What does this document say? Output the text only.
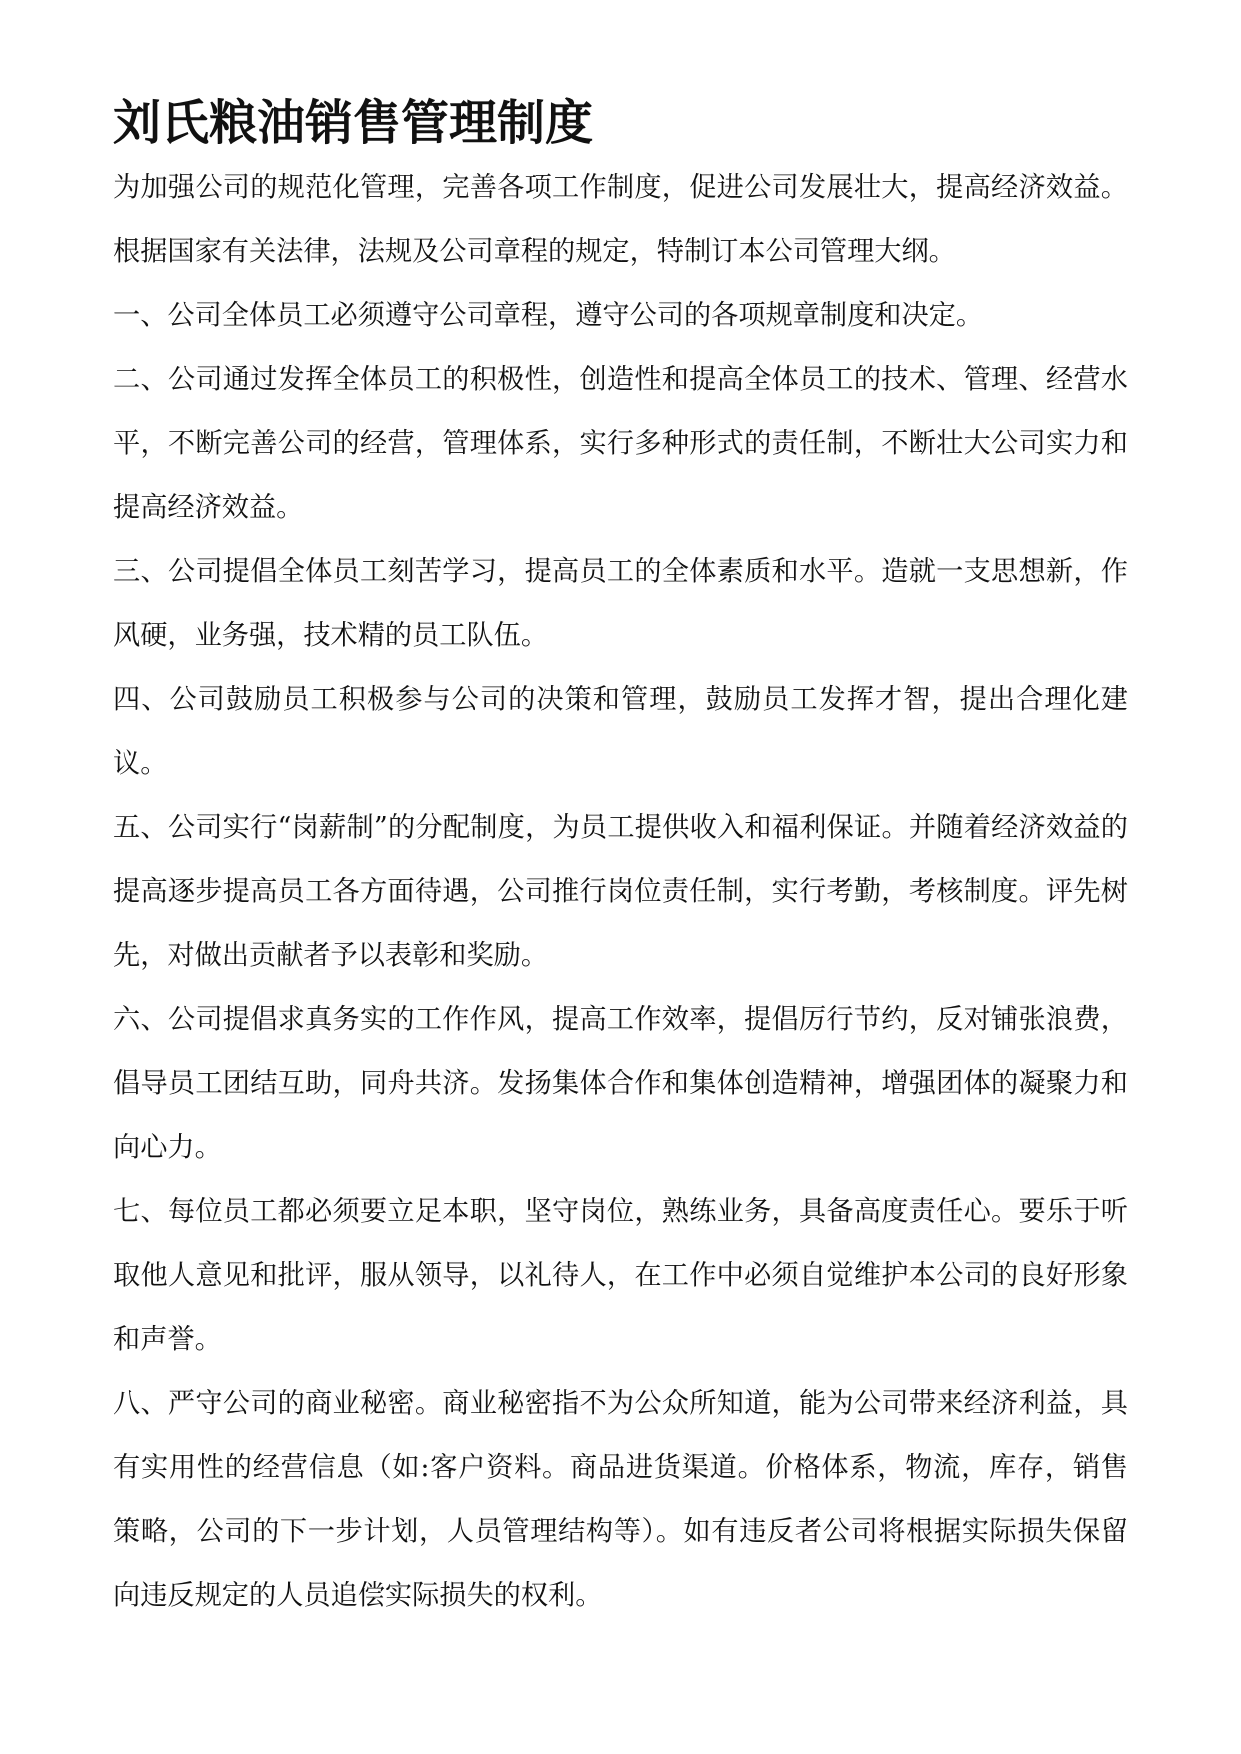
刘氏粮油销售管理制度

为加强公司的规范化管理，完善各项工作制度，促进公司发展壮大，提高经济效益。根据国家有关法律，法规及公司章程的规定，特制订本公司管理大纲。

一、公司全体员工必须遵守公司章程，遵守公司的各项规章制度和决定。

二、公司通过发挥全体员工的积极性，创造性和提高全体员工的技术、管理、经营水平，不断完善公司的经营，管理体系，实行多种形式的责任制，不断壮大公司实力和提高经济效益。

三、公司提倡全体员工刻苦学习，提高员工的全体素质和水平。造就一支思想新，作风硬，业务强，技术精的员工队伍。

四、公司鼓励员工积极参与公司的决策和管理，鼓励员工发挥才智，提出合理化建议。

五、公司实行“岗薪制”的分配制度，为员工提供收入和福利保证。并随着经济效益的提高逐步提高员工各方面待遇，公司推行岗位责任制，实行考勤，考核制度。评先树先，对做出贡献者予以表彰和奖励。

六、公司提倡求真务实的工作作风，提高工作效率，提倡厉行节约，反对铺张浪费，倡导员工团结互助，同舟共济。发扬集体合作和集体创造精神，增强团体的凝聚力和向心力。

七、每位员工都必须要立足本职，坚守岗位，熟练业务，具备高度责任心。要乐于听取他人意见和批评，服从领导，以礼待人，在工作中必须自觉维护本公司的良好形象和声誉。

八、严守公司的商业秘密。商业秘密指不为公众所知道，能为公司带来经济利益，具有实用性的经营信息（如:客户资料。商品进货渠道。价格体系，物流，库存，销售策略，公司的下一步计划，人员管理结构等）。如有违反者公司将根据实际损失保留向违反规定的人员追偿实际损失的权利。
